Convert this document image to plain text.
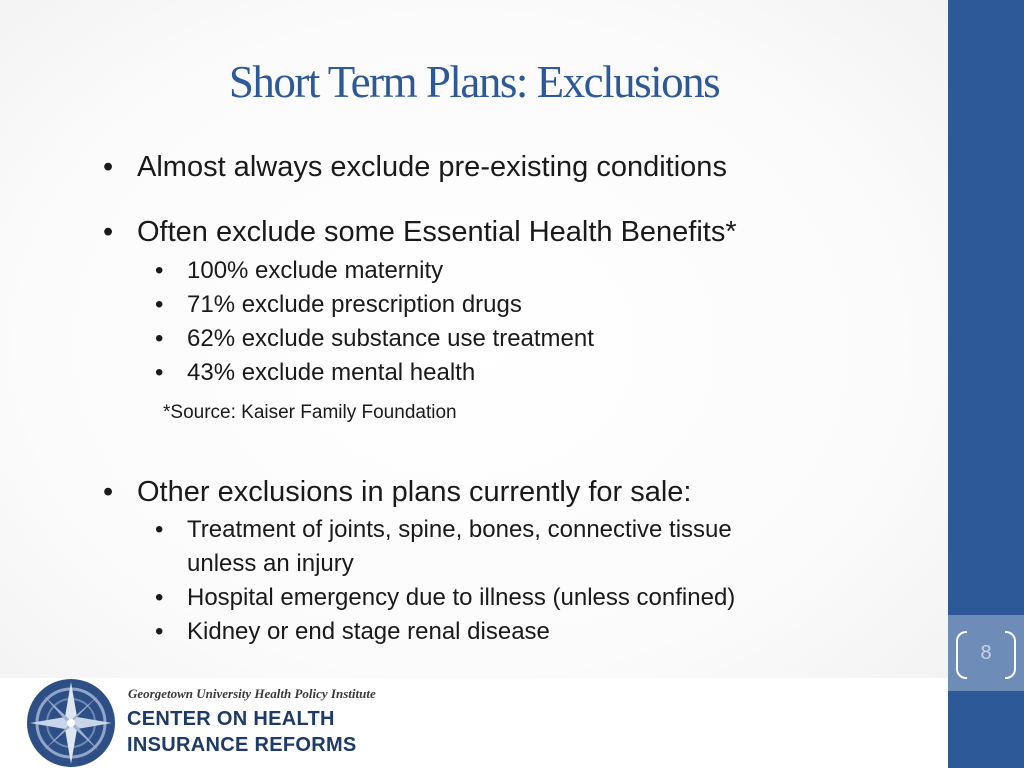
8
Short Term Plans: Exclusions
• Almost always exclude pre-existing conditions
• Often exclude some Essential Health Benefits*
• 100% exclude maternity
• 71% exclude prescription drugs
• 62% exclude substance use treatment
• 43% exclude mental health
*Source: Kaiser Family Foundation
• Other exclusions in plans currently for sale:
• Treatment of joints, spine, bones, connective tissue unless an injury
• Hospital emergency due to illness (unless confined)
• Kidney or end stage renal disease
Georgetown University Health Policy Institute
CENTER ON HEALTH
INSURANCE REFORMS
